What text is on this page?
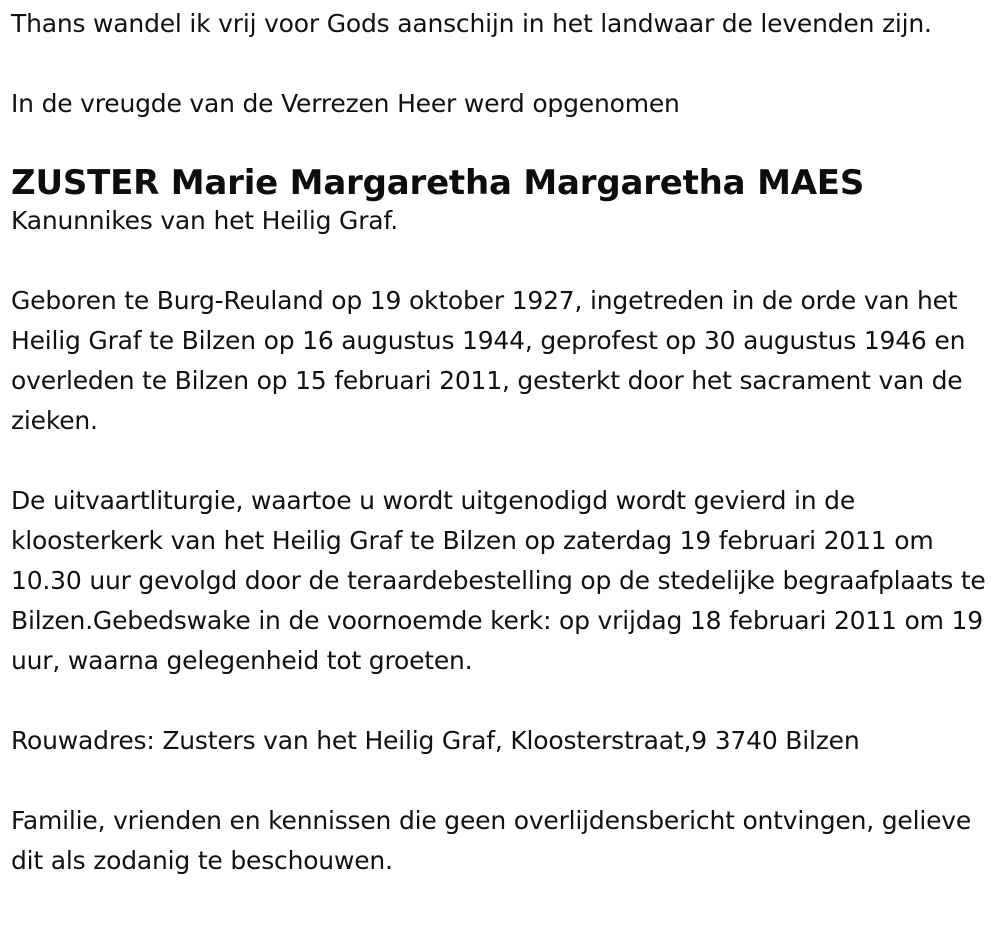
Thans wandel ik vrij voor Gods aanschijn in het landwaar de levenden zijn.

In de vreugde van de Verrezen Heer werd opgenomen

ZUSTER Marie Margaretha Margaretha MAES

Kanunnikes van het Heilig Graf.

Geboren te Burg-Reuland op 19 oktober 1927, ingetreden in de orde van het Heilig Graf te Bilzen op 16 augustus 1944, geprofest op 30 augustus 1946 en overleden te Bilzen op 15 februari 2011, gesterkt door het sacrament van de zieken.

De uitvaartliturgie, waartoe u wordt uitgenodigd wordt gevierd in de kloosterkerk van het Heilig Graf te Bilzen op zaterdag 19 februari 2011 om 10.30 uur gevolgd door de teraardebestelling op de stedelijke begraafplaats te Bilzen.Gebedswake in de voornoemde kerk: op vrijdag 18 februari 2011 om 19 uur, waarna gelegenheid tot groeten.

Rouwadres: Zusters van het Heilig Graf, Kloosterstraat,9 3740 Bilzen

Familie, vrienden en kennissen die geen overlijdensbericht ontvingen, gelieve dit als zodanig te beschouwen.
